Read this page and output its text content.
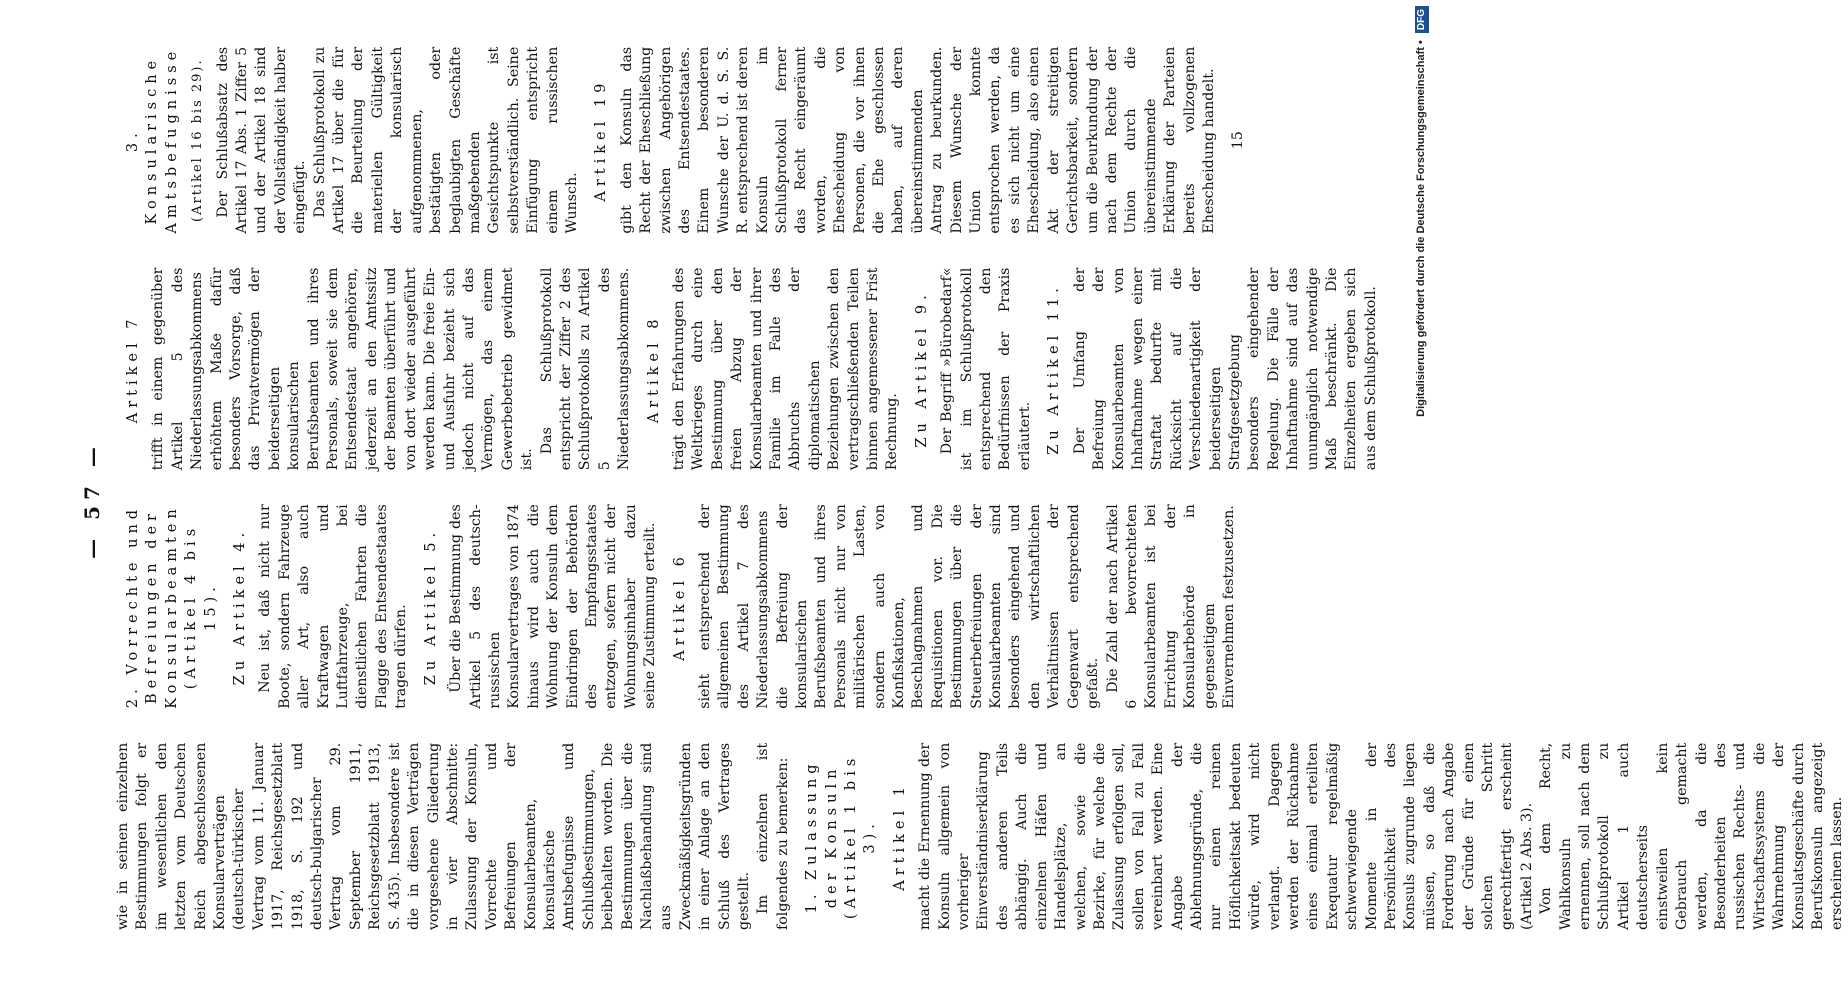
— 57 —

wie in seinen einzelnen Bestimmungen folgt er im wesentlichen den letzten vom Deutschen Reich abgeschlossenen Konsularverträgen (deutsch-türkischer Vertrag vom 11. Januar 1917, Reichsgesetzblatt 1918, S. 192 und deutsch-bulgarischer Vertrag vom 29. September 1911, Reichsgesetzblatt 1913, S. 435). Insbesondere ist die in diesen Verträgen vorgesehene Gliederung in vier Abschnitte: Zulassung der Konsuln, Vorrechte und Befreiungen der Konsularbeamten, konsularische Amtsbefugnisse und Schlußbestimmungen, beibehalten worden. Die Bestimmungen über die Nachlaßbehandlung sind aus Zweckmäßigkeitsgründen in einer Anlage an den Schluß des Vertrages gestellt. Im einzelnen ist folgendes zu bemerken: 1. Zulassung der Konsuln (Artikel 1 bis 3). Artikel 1 macht die Ernennung der Konsuln allgemein von vorheriger Einverständniserklärung des anderen Teils abhängig. Auch die einzelnen Häfen und Handelsplätze, an welchen, sowie die Bezirke, für welche die Zulassung erfolgen soll, sollen von Fall zu Fall vereinbart werden. Eine Angabe der Ablehnungsgründe, die nur einen reinen Höflichkeitsakt bedeuten würde, wird nicht verlangt. Dagegen werden der Rücknahme eines einmal erteilten Exequatur regelmäßig schwerwiegende Momente in der Persönlichkeit des Konsuls zugrunde liegen müssen, so daß die Forderung nach Angabe der Gründe für einen solchen Schritt gerechtfertigt erscheint (Artikel 2 Abs. 3). Von dem Recht, Wahlkonsuln zu ernennen, soll nach dem Schlußprotokoll zu Artikel 1 auch deutscherseits einstweilen kein Gebrauch gemacht werden, da die Besonderheiten des russischen Rechts- und Wirtschaftssystems die Wahrnehmung der Konsulatsgeschäfte durch Berufskonsuln angezeigt erscheinen lassen.

2. Vorrechte und Befreiungen der Konsularbeamten (Artikel 4 bis 15). Zu Artikel 4. Neu ist, daß nicht nur Boote, sondern Fahrzeuge aller Art, also auch Kraftwagen und Luftfahrzeuge, bei dienstlichen Fahrten die Flagge des Entsendestaates tragen dürfen. Zu Artikel 5. Über die Bestimmung des Artikel 5 des deutsch-russischen Konsularvertrages von 1874 hinaus wird auch die Wohnung der Konsuln dem Eindringen der Behörden des Empfangsstaates entzogen, sofern nicht der Wohnungsinhaber dazu seine Zustimmung erteilt. Artikel 6 sieht entsprechend der allgemeinen Bestimmung des Artikel 7 des Niederlassungsabkommens die Befreiung der konsularischen Berufsbeamten und ihres Personals nicht nur von militärischen Lasten, sondern auch von Konfiskationen, Beschlagnahmen und Requisitionen vor. Die Bestimmungen über die Steuerbefreiungen der Konsularbeamten sind besonders eingehend und den wirtschaftlichen Verhältnissen der Gegenwart entsprechend gefaßt. Die Zahl der nach Artikel 6 bevorrechteten Konsularbeamten ist bei Errichtung der Konsularbehörde in gegenseitigem Einvernehmen festzusetzen.

Artikel 7 trifft in einem gegenüber Artikel 5 des Niederlassungsabkommens erhöhtem Maße dafür besonders Vorsorge, daß das Privatvermögen der beiderseitigen konsularischen Berufsbeamten und ihres Personals, soweit sie dem Entsendestaat angehören, jederzeit an den Amtssitz der Beamten überführt und von dort wieder ausgeführt werden kann. Die freie Ein- und Ausfuhr bezieht sich jedoch nicht auf das Vermögen, das einem Gewerbebetrieb gewidmet ist.

Das Schlußprotokoll entspricht der Ziffer 2 des Schlußprotokolls zu Artikel 5 des Niederlassungsabkommens. Artikel 8 trägt den Erfahrungen des Weltkrieges durch eine Bestimmung über den freien Abzug der Konsularbeamten und ihrer Familie im Falle des Abbruchs der diplomatischen Beziehungen zwischen den vertragschließenden Teilen binnen angemessener Frist Rechnung. Zu Artikel 9. Der Begriff »Bürobedarf« ist im Schlußprotokoll entsprechend den Bedürfnissen der Praxis erläutert. Zu Artikel 11. Der Umfang der Befreiung der Konsularbeamten von Inhaftnahme wegen einer Straftat bedurfte mit Rücksicht auf die Verschiedenartigkeit der beiderseitigen Strafgesetzgebung besonders eingehender Regelung. Die Fälle der Inhaftnahme sind auf das unumgänglich notwendige Maß beschränkt. Die Einzelheiten ergeben sich aus dem Schlußprotokoll.

3. Konsularische Amtsbefugnisse (Artikel 16 bis 29). Der Schlußabsatz des Artikel 17 Abs. 1 Ziffer 5 und der Artikel 18 sind der Vollständigkeit halber eingefügt. Das Schlußprotokoll zu Artikel 17 über die für die Beurteilung der materiellen Gültigkeit der konsularisch aufgenommenen, bestätigten oder beglaubigten Geschäfte maßgebenden Gesichtspunkte ist selbstverständlich. Seine Einfügung entspricht einem russischen Wunsch.

Artikel 19 gibt den Konsuln das Recht der Eheschließung zwischen Angehörigen des Entsendestaates. Einem besonderen Wunsche der U. d. S. S. R. entsprechend ist deren Konsuln im Schlußprotokoll ferner das Recht eingeräumt worden, die Ehescheidung von Personen, die vor ihnen die Ehe geschlossen haben, auf deren übereinstimmenden Antrag zu beurkunden. Diesem Wunsche der Union konnte entsprochen werden, da es sich nicht um eine Ehescheidung, also einen Akt der streitigen Gerichtsbarkeit, sondern um die Beurkundung der nach dem Rechte der Union durch die übereinstimmende Erklärung der Parteien bereits vollzogenen Ehescheidung handelt. 15	Digitalisierung gefördert durch die Deutsche Forschungsgemeinschaft • DFG
